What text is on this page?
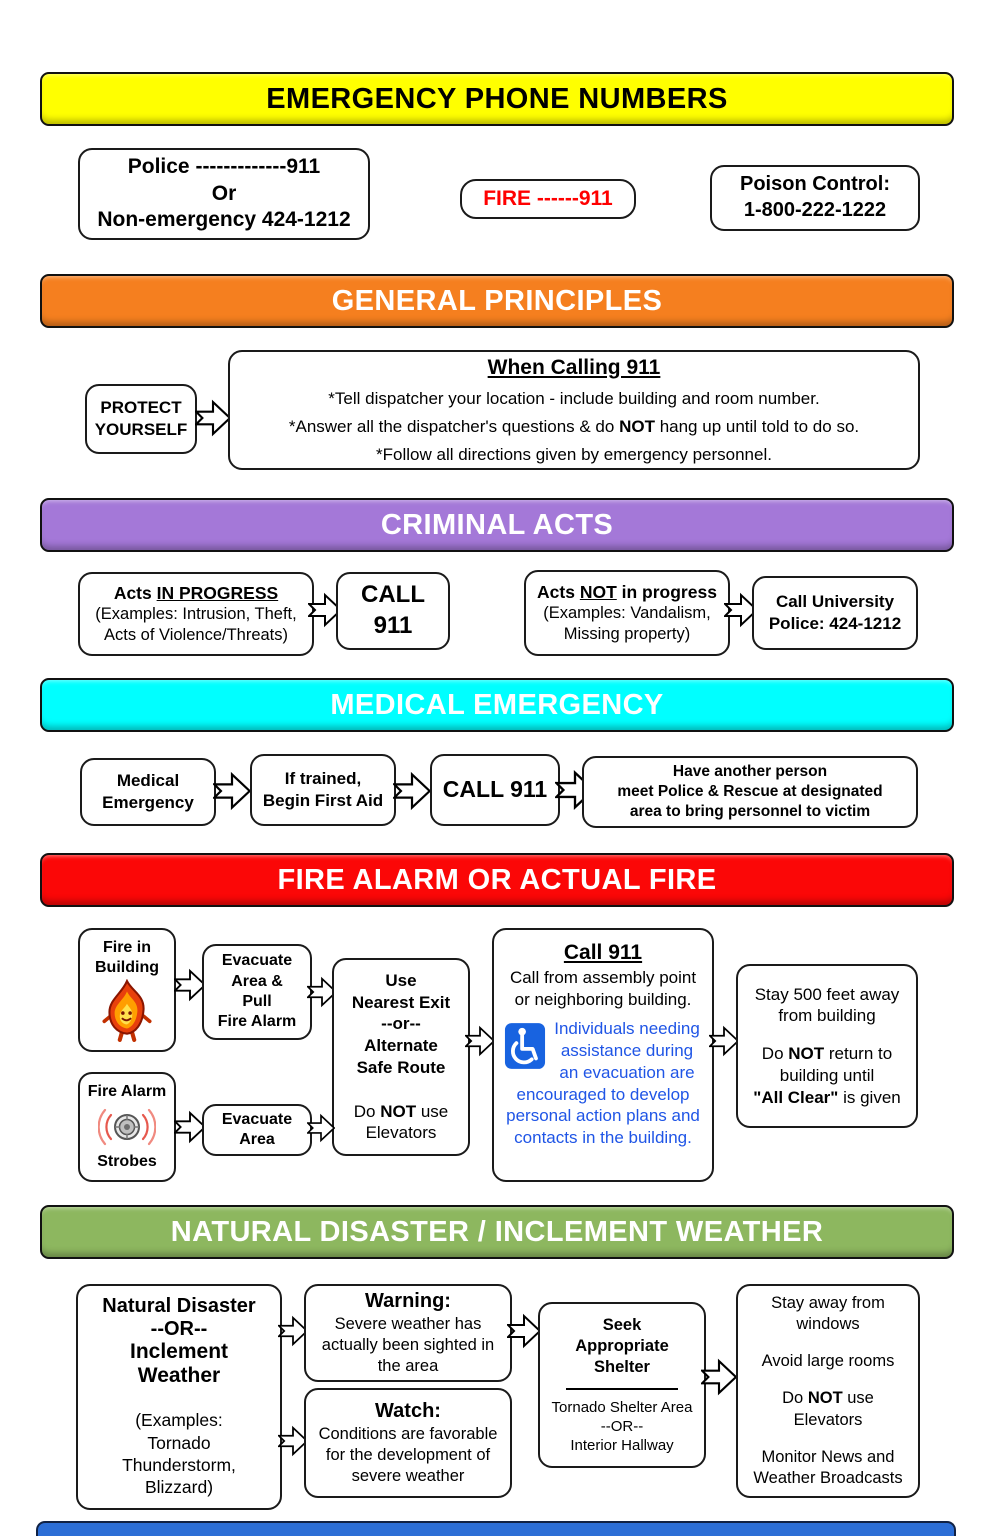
EMERGENCY PHONE NUMBERS
Police -------------911
Or
Non-emergency 424-1212
FIRE ------911
Poison Control:
1-800-222-1222
GENERAL PRINCIPLES
PROTECT
YOURSELF
When Calling 911
*Tell dispatcher your location - include building and room number.
*Answer all the dispatcher's questions & do NOT hang up until told to do so.
*Follow all directions given by emergency personnel.
CRIMINAL ACTS
Acts IN PROGRESS
(Examples: Intrusion, Theft,
Acts of Violence/Threats)
CALL
911
Acts NOT in progress
(Examples: Vandalism,
Missing property)
Call University
Police: 424-1212
MEDICAL EMERGENCY
Medical
Emergency
If trained,
Begin First Aid	CALL 911
Have another person
meet Police & Rescue at designated
area to bring personnel to victim
FIRE ALARM OR ACTUAL FIRE
Fire in
Building	Evacuate
Area &
Pull
Fire Alarm
Use
Nearest Exit
--or--
Alternate
Safe Route
Do NOT use
Elevators
Call 911
Call from assembly point
or neighboring building.
Individuals needing assistance during an evacuation are encouraged to develop personal action plans and contacts in the building.
Stay 500 feet away
from building
Do NOT return to
building until
"All Clear" is given
Fire Alarm
Strobes
Evacuate
Area
NATURAL DISASTER / INCLEMENT WEATHER
Natural Disaster
--OR--
Inclement
Weather
(Examples:
Tornado
Thunderstorm,
Blizzard)
Warning:
Severe weather has
actually been sighted in
the area
Watch:
Conditions are favorable
for the development of
severe weather
Seek
Appropriate
Shelter
Tornado Shelter Area
--OR--
Interior Hallway
Stay away from
windows
Avoid large rooms
Do NOT use
Elevators
Monitor News and
Weather Broadcasts
